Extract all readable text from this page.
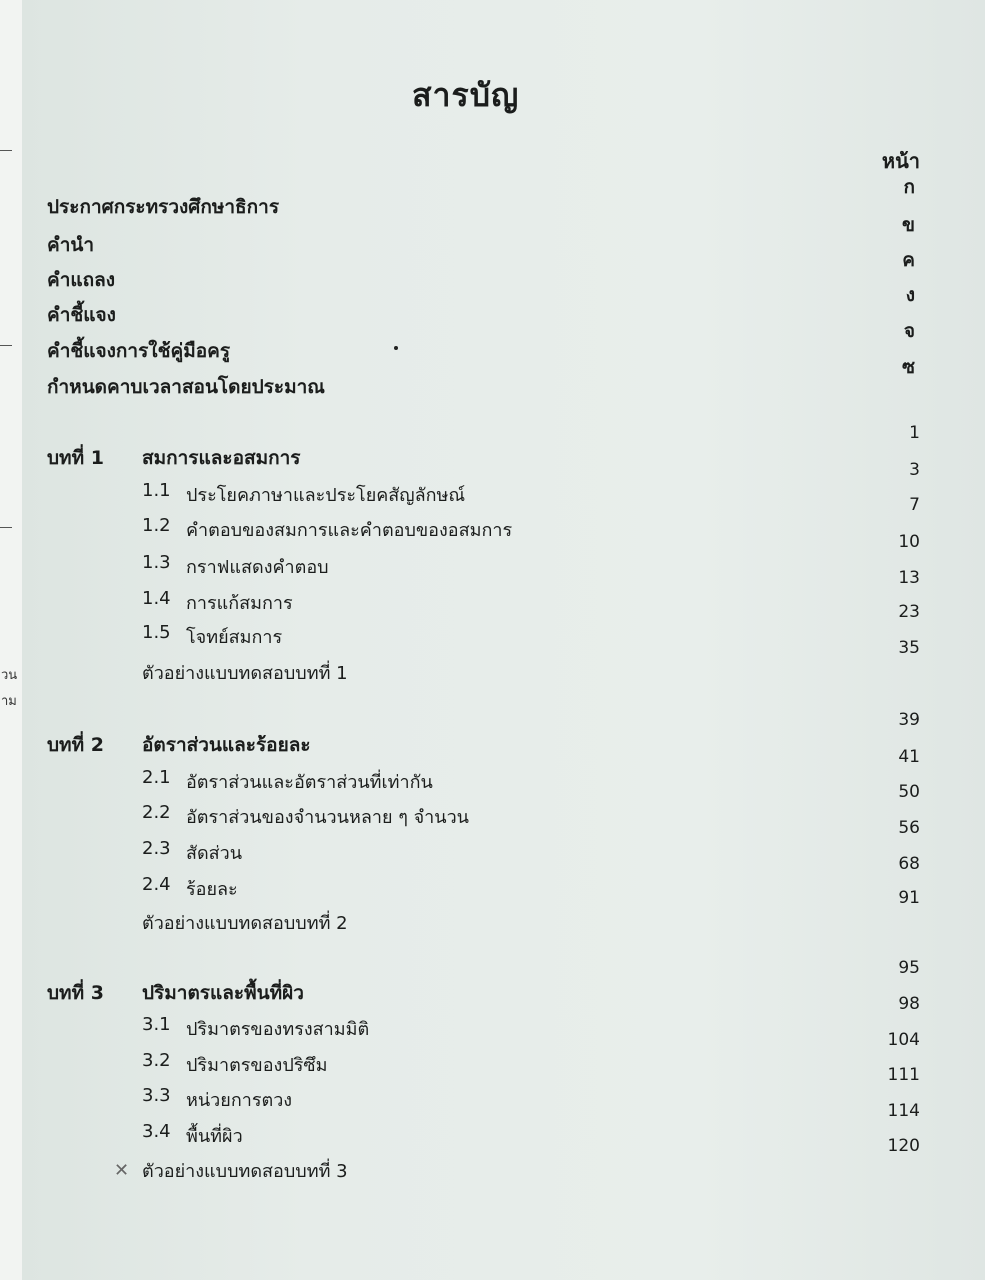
วน
าม
สารบัญ
หน้า
ประกาศกระทรวงศึกษาธิการ
ก
คำนำ
ข
คำแถลง
ค
คำชี้แจง
ง
คำชี้แจงการใช้คู่มือครู
จ
กำหนดคาบเวลาสอนโดยประมาณ
ซ
บทที่ 1 สมการและอสมการ
1
1.1 ประโยคภาษาและประโยคสัญลักษณ์
3
1.2 คำตอบของสมการและคำตอบของอสมการ
7
1.3 กราฟแสดงคำตอบ
10
1.4 การแก้สมการ
13
1.5 โจทย์สมการ
23
ตัวอย่างแบบทดสอบบทที่ 1
35
บทที่ 2 อัตราส่วนและร้อยละ
39
2.1 อัตราส่วนและอัตราส่วนที่เท่ากัน
41
2.2 อัตราส่วนของจำนวนหลาย ๆ จำนวน
50
2.3 สัดส่วน
56
2.4 ร้อยละ
68
ตัวอย่างแบบทดสอบบทที่ 2
91
บทที่ 3 ปริมาตรและพื้นที่ผิว
95
3.1 ปริมาตรของทรงสามมิติ
98
3.2 ปริมาตรของปริซึม
104
3.3 หน่วยการตวง
111
3.4 พื้นที่ผิว
114
ตัวอย่างแบบทดสอบบทที่ 3
120
✕
